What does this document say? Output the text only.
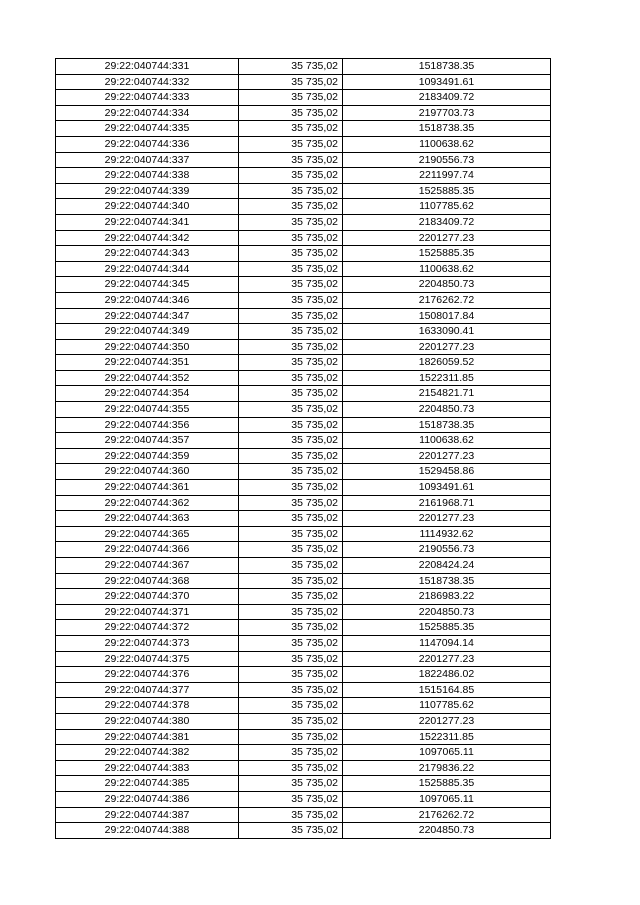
29:22:040744:331	35 735,02	1518738.35
29:22:040744:332	35 735,02	1093491.61
29:22:040744:333	35 735,02	2183409.72
29:22:040744:334	35 735,02	2197703.73
29:22:040744:335	35 735,02	1518738.35
29:22:040744:336	35 735,02	1100638.62
29:22:040744:337	35 735,02	2190556.73
29:22:040744:338	35 735,02	2211997.74
29:22:040744:339	35 735,02	1525885.35
29:22:040744:340	35 735,02	1107785.62
29:22:040744:341	35 735,02	2183409.72
29:22:040744:342	35 735,02	2201277.23
29:22:040744:343	35 735,02	1525885.35
29:22:040744:344	35 735,02	1100638.62
29:22:040744:345	35 735,02	2204850.73
29:22:040744:346	35 735,02	2176262.72
29:22:040744:347	35 735,02	1508017.84
29:22:040744:349	35 735,02	1633090.41
29:22:040744:350	35 735,02	2201277.23
29:22:040744:351	35 735,02	1826059.52
29:22:040744:352	35 735,02	1522311.85
29:22:040744:354	35 735,02	2154821.71
29:22:040744:355	35 735,02	2204850.73
29:22:040744:356	35 735,02	1518738.35
29:22:040744:357	35 735,02	1100638.62
29:22:040744:359	35 735,02	2201277.23
29:22:040744:360	35 735,02	1529458.86
29:22:040744:361	35 735,02	1093491.61
29:22:040744:362	35 735,02	2161968.71
29:22:040744:363	35 735,02	2201277.23
29:22:040744:365	35 735,02	1114932.62
29:22:040744:366	35 735,02	2190556.73
29:22:040744:367	35 735,02	2208424.24
29:22:040744:368	35 735,02	1518738.35
29:22:040744:370	35 735,02	2186983.22
29:22:040744:371	35 735,02	2204850.73
29:22:040744:372	35 735,02	1525885.35
29:22:040744:373	35 735,02	1147094.14
29:22:040744:375	35 735,02	2201277.23
29:22:040744:376	35 735,02	1822486.02
29:22:040744:377	35 735,02	1515164.85
29:22:040744:378	35 735,02	1107785.62
29:22:040744:380	35 735,02	2201277.23
29:22:040744:381	35 735,02	1522311.85
29:22:040744:382	35 735,02	1097065.11
29:22:040744:383	35 735,02	2179836.22
29:22:040744:385	35 735,02	1525885.35
29:22:040744:386	35 735,02	1097065.11
29:22:040744:387	35 735,02	2176262.72
29:22:040744:388	35 735,02	2204850.73
